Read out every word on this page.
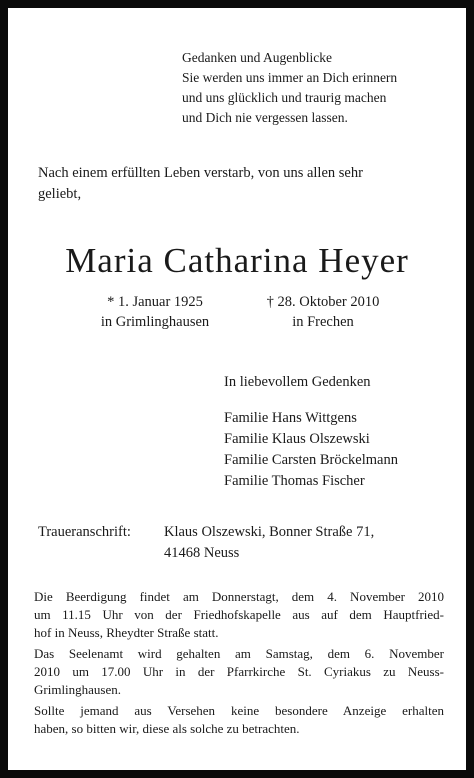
Gedanken und Augenblicke
Sie werden uns immer an Dich erinnern
und uns glücklich und traurig machen
und Dich nie vergessen lassen.
Nach einem erfüllten Leben verstarb, von uns allen sehr
geliebt,
Maria Catharina Heyer
* 1. Januar 1925
in Grimlinghausen
† 28. Oktober 2010
in Frechen
In liebevollem Gedenken
Familie Hans Wittgens
Familie Klaus Olszewski
Familie Carsten Bröckelmann
Familie Thomas Fischer
Traueranschrift: Klaus Olszewski, Bonner Straße 71,
41468 Neuss

Die Beerdigung findet am Donnerstagt, dem 4. November 2010
um 11.15 Uhr von der Friedhofskapelle aus auf dem Hauptfried-
hof in Neuss, Rheydter Straße statt.

Das Seelenamt wird gehalten am Samstag, dem 6. November
2010 um 17.00 Uhr in der Pfarrkirche St. Cyriakus zu Neuss-
Grimlinghausen.

Sollte jemand aus Versehen keine besondere Anzeige erhalten
haben, so bitten wir, diese als solche zu betrachten.
